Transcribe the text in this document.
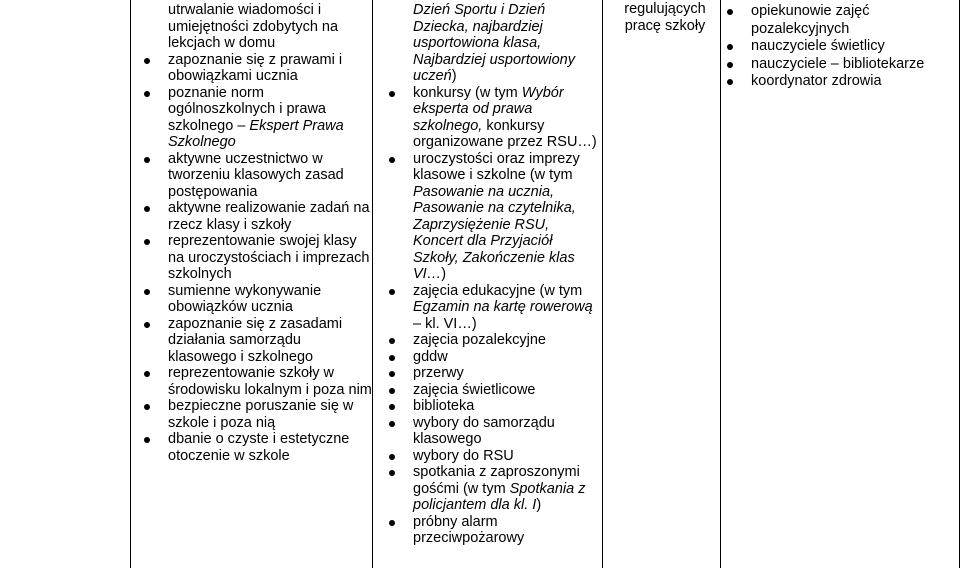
utrwalanie wiadomości i umiejętności zdobytych na lekcjach w domu
zapoznanie się z prawami i obowiązkami ucznia
poznanie norm ogólnoszkolnych i prawa szkolnego – Ekspert Prawa Szkolnego
aktywne uczestnictwo w tworzeniu klasowych zasad postępowania
aktywne realizowanie zadań na rzecz klasy i szkoły
reprezentowanie swojej klasy na uroczystościach i imprezach szkolnych
sumienne wykonywanie obowiązków ucznia
zapoznanie się z zasadami działania samorządu klasowego i szkolnego
reprezentowanie szkoły w środowisku lokalnym i poza nim
bezpieczne poruszanie się w szkole i poza nią
dbanie o czyste i estetyczne otoczenie w szkole
Dzień Sportu i Dzień Dziecka, najbardziej usportowiona klasa, Najbardziej usportowiony uczeń)
konkursy (w tym Wybór eksperta od prawa szkolnego, konkursy organizowane przez RSU…)
uroczystości oraz imprezy klasowe i szkolne (w tym Pasowanie na ucznia, Pasowanie na czytelnika, Zaprzysiężenie RSU, Koncert dla Przyjaciół Szkoły, Zakończenie klas VI…)
zajęcia edukacyjne (w tym Egzamin na kartę rowerową – kl. VI…)
zajęcia pozalekcyjne
gddw
przerwy
zajęcia świetlicowe
biblioteka
wybory do samorządu klasowego
wybory do RSU
spotkania z zaproszonymi gośćmi (w tym Spotkania z policjantem dla kl. I)
próbny alarm przeciwpożarowy

regulujących pracę szkoły

opiekunowie zajęć pozalekcyjnych
nauczyciele świetlicy
nauczyciele – bibliotekarze
koordynator zdrowia
